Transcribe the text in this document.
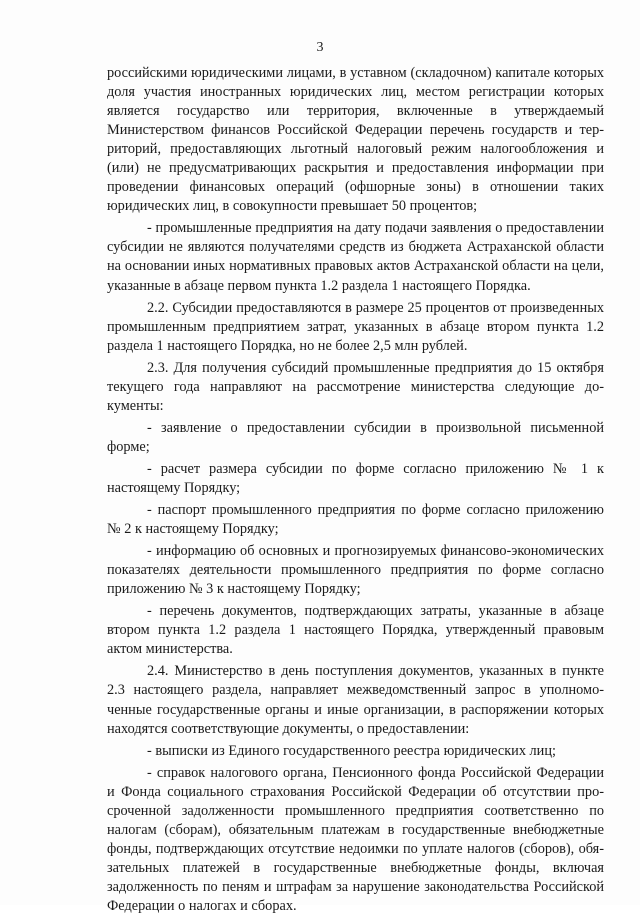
3

российскими юридическими лицами, в уставном (складочном) капитале которых доля участия иностранных юридических лиц, местом регистрации которых является государство или территория, включенные в утверждаемый Министерством финансов Российской Федерации перечень государств и территорий, предоставляющих льготный налоговый режим налогообложения и (или) не предусматривающих раскрытия и предоставления информации при проведении финансовых операций (офшорные зоны) в отношении таких юридических лиц, в совокупности превышает 50 процентов;

- промышленные предприятия на дату подачи заявления о предоставлении субсидии не являются получателями средств из бюджета Астраханской области на основании иных нормативных правовых актов Астраханской области на цели, указанные в абзаце первом пункта 1.2 раздела 1 настоящего Порядка.

2.2. Субсидии предоставляются в размере 25 процентов от произведенных промышленным предприятием затрат, указанных в абзаце втором пункта 1.2 раздела 1 настоящего Порядка, но не более 2,5 млн рублей.

2.3. Для получения субсидий промышленные предприятия до 15 октября текущего года направляют на рассмотрение министерства следующие документы:

- заявление о предоставлении субсидии в произвольной письменной форме;

- расчет размера субсидии по форме согласно приложению № 1 к настоящему Порядку;

- паспорт промышленного предприятия по форме согласно приложению № 2 к настоящему Порядку;

- информацию об основных и прогнозируемых финансово-экономических показателях деятельности промышленного предприятия по форме согласно приложению № 3 к настоящему Порядку;

- перечень документов, подтверждающих затраты, указанные в абзаце втором пункта 1.2 раздела 1 настоящего Порядка, утвержденный правовым актом министерства.

2.4. Министерство в день поступления документов, указанных в пункте 2.3 настоящего раздела, направляет межведомственный запрос в уполномоченные государственные органы и иные организации, в распоряжении которых находятся соответствующие документы, о предоставлении:

- выписки из Единого государственного реестра юридических лиц;

- справок налогового органа, Пенсионного фонда Российской Федерации и Фонда социального страхования Российской Федерации об отсутствии просроченной задолженности промышленного предприятия соответственно по налогам (сборам), обязательным платежам в государственные внебюджетные фонды, подтверждающих отсутствие недоимки по уплате налогов (сборов), обязательных платежей в государственные внебюджетные фонды, включая задолженность по пеням и штрафам за нарушение законодательства Российской Федерации о налогах и сборах.
